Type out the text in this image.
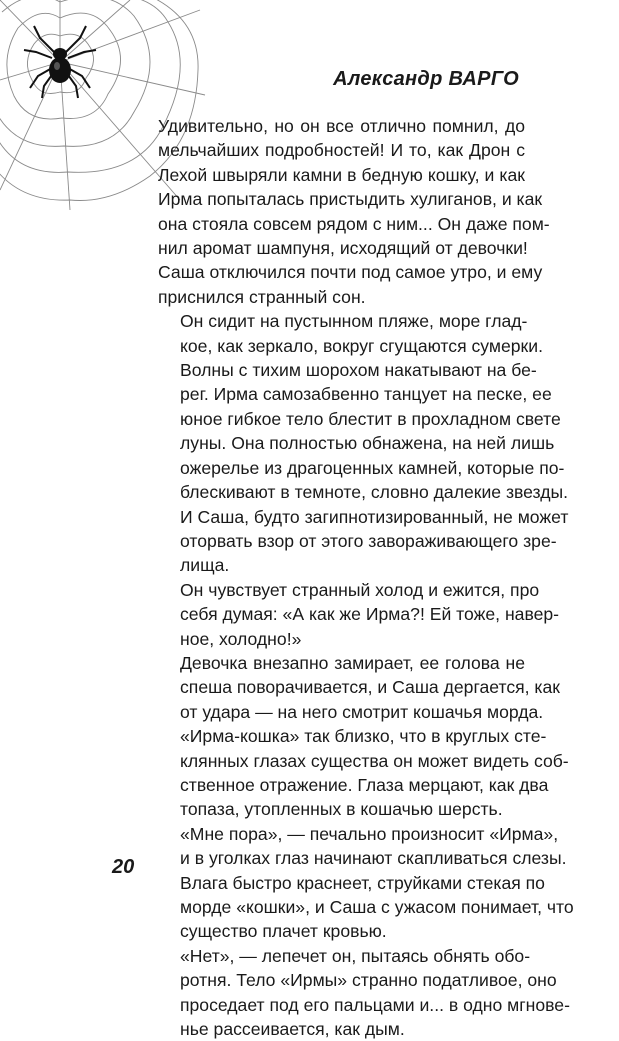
Александр ВАРГО

Удивительно, но он все отлично помнил, до
мельчайших подробностей! И то, как Дрон с
Лехой швыряли камни в бедную кошку, и как
Ирма попыталась пристыдить хулиганов, и как
она стояла совсем рядом с ним... Он даже пом-
нил аромат шампуня, исходящий от девочки!
Саша отключился почти под самое утро, и ему
приснился странный сон.

Он сидит на пустынном пляже, море глад-
кое, как зеркало, вокруг сгущаются сумерки.
Волны с тихим шорохом накатывают на бе-
рег. Ирма самозабвенно танцует на песке, ее
юное гибкое тело блестит в прохладном свете
луны. Она полностью обнажена, на ней лишь
ожерелье из драгоценных камней, которые по-
блескивают в темноте, словно далекие звезды.
И Саша, будто загипнотизированный, не может
оторвать взор от этого завораживающего зре-
лища.

Он чувствует странный холод и ежится, про
себя думая: «А как же Ирма?! Ей тоже, навер-
ное, холодно!»

Девочка внезапно замирает, ее голова не
спеша поворачивается, и Саша дергается, как
от удара — на него смотрит кошачья морда.
«Ирма-кошка» так близко, что в круглых сте-
клянных глазах существа он может видеть соб-
ственное отражение. Глаза мерцают, как два
топаза, утопленных в кошачью шерсть.

«Мне пора», — печально произносит «Ирма»,
и в уголках глаз начинают скапливаться слезы.
Влага быстро краснеет, струйками стекая по
морде «кошки», и Саша с ужасом понимает, что
существо плачет кровью.

«Нет», — лепечет он, пытаясь обнять обо-
ротня. Тело «Ирмы» странно податливое, оно
проседает под его пальцами и... в одно мгнове-
нье рассеивается, как дым.

20
